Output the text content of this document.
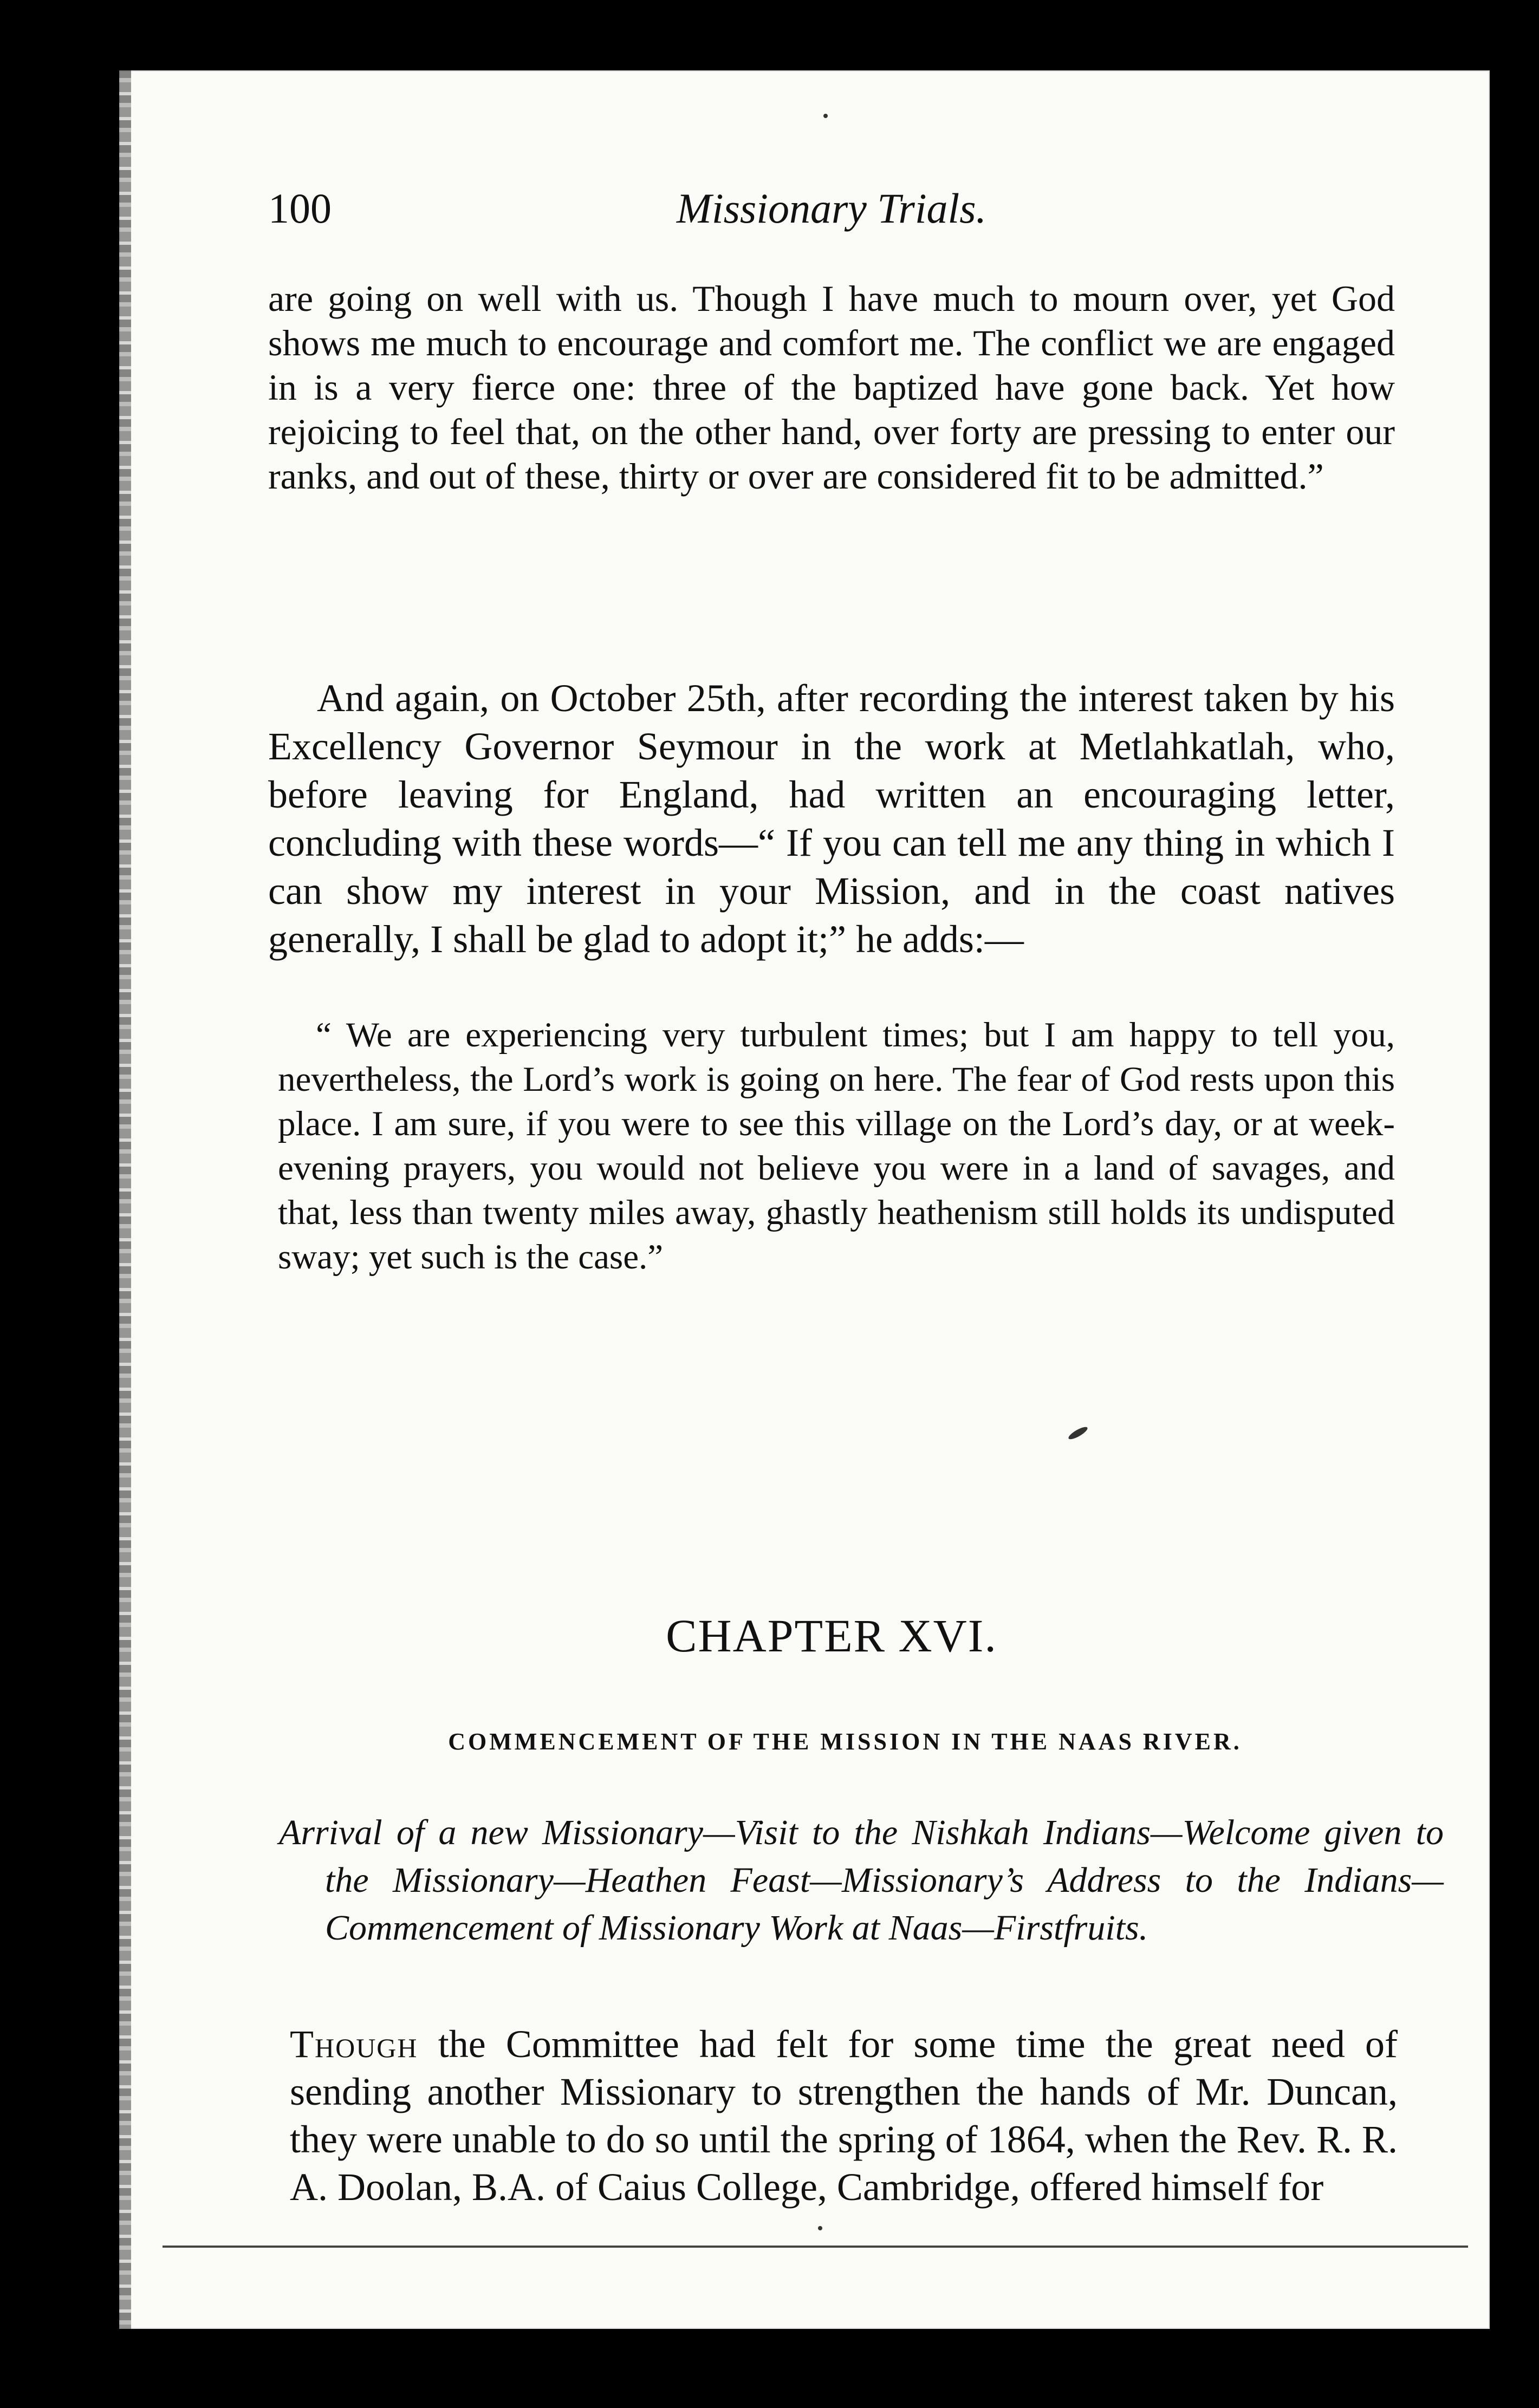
100	Missionary Trials.

are going on well with us. Though I have much to mourn over, yet God shows me much to encourage and comfort me. The conflict we are engaged in is a very fierce one: three of the baptized have gone back. Yet how rejoicing to feel that, on the other hand, over forty are pressing to enter our ranks, and out of these, thirty or over are considered fit to be admitted.”

And again, on October 25th, after recording the interest taken by his Excellency Governor Seymour in the work at Metlahkatlah, who, before leaving for England, had written an encouraging letter, concluding with these words—“ If you can tell me any thing in which I can show my interest in your Mission, and in the coast natives generally, I shall be glad to adopt it;” he adds:—

“ We are experiencing very turbulent times; but I am happy to tell you, nevertheless, the Lord’s work is going on here. The fear of God rests upon this place. I am sure, if you were to see this village on the Lord’s day, or at week-evening prayers, you would not believe you were in a land of savages, and that, less than twenty miles away, ghastly heathenism still holds its undisputed sway; yet such is the case.”

CHAPTER XVI.
COMMENCEMENT OF THE MISSION IN THE NAAS RIVER.

Arrival of a new Missionary—Visit to the Nishkah Indians—Welcome given to the Missionary—Heathen Feast—Missionary’s Address to the Indians—Commencement of Missionary Work at Naas—Firstfruits.

Though the Committee had felt for some time the great need of sending another Missionary to strengthen the hands of Mr. Duncan, they were unable to do so until the spring of 1864, when the Rev. R. R. A. Doolan, B.A. of Caius College, Cambridge, offered himself for
